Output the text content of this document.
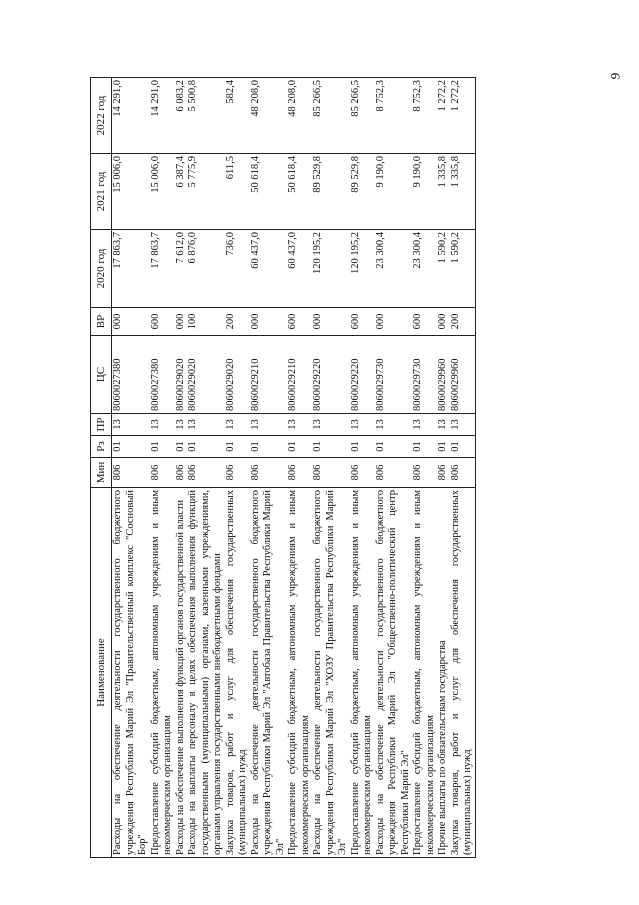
9
Наименование	Мин	Рз	ПР	ЦС	ВР	2020 год	2021 год	2022 год
Расходы на обеспечение деятельности государственного бюджетного учреждения Республики Марий Эл "Правительственный комплекс "Сосновый Бор"	806	01	13	8060027380	000	17 863,7	15 006,0	14 291,0
Предоставление субсидий бюджетным, автономным учреждениям и иным некоммерческим организациям	806	01	13	8060027380	600	17 863,7	15 006,0	14 291,0
Расходы на обеспечение выполнения функций органов государственной власти	806	01	13	8060029020	000	7 612,0	6 387,4	6 083,2
Расходы на выплаты персоналу в целях обеспечения выполнения функций государственными (муниципальными) органами, казенными учреждениями, органами управления государственными внебюджетными фондами	806	01	13	8060029020	100	6 876,0	5 775,9	5 500,8
Закупка товаров, работ и услуг для обеспечения государственных (муниципальных) нужд	806	01	13	8060029020	200	736,0	611,5	582,4
Расходы на обеспечение деятельности государственного бюджетного учреждения Республики Марий Эл "Автобаза Правительства Республики Марий Эл"	806	01	13	8060029210	000	60 437,0	50 618,4	48 208,0
Предоставление субсидий бюджетным, автономным учреждениям и иным некоммерческим организациям	806	01	13	8060029210	600	60 437,0	50 618,4	48 208,0
Расходы на обеспечение деятельности государственного бюджетного учреждения Республики Марий Эл "ХОЗУ Правительства Республики Марий Эл"	806	01	13	8060029220	000	120 195,2	89 529,8	85 266,5
Предоставление субсидий бюджетным, автономным учреждениям и иным некоммерческим организациям	806	01	13	8060029220	600	120 195,2	89 529,8	85 266,5
Расходы на обеспечение деятельности государственного бюджетного учреждения Республики Марий Эл "Общественно-политический центр Республики Марий Эл"	806	01	13	8060029730	000	23 300,4	9 190,0	8 752,3
Предоставление субсидий бюджетным, автономным учреждениям и иным некоммерческим организациям	806	01	13	8060029730	600	23 300,4	9 190,0	8 752,3
Прочие выплаты по обязательствам государства	806	01	13	8060029960	000	1 590,2	1 335,8	1 272,2
Закупка товаров, работ и услуг для обеспечения государственных (муниципальных) нужд	806	01	13	8060029960	200	1 590,2	1 335,8	1 272,2
